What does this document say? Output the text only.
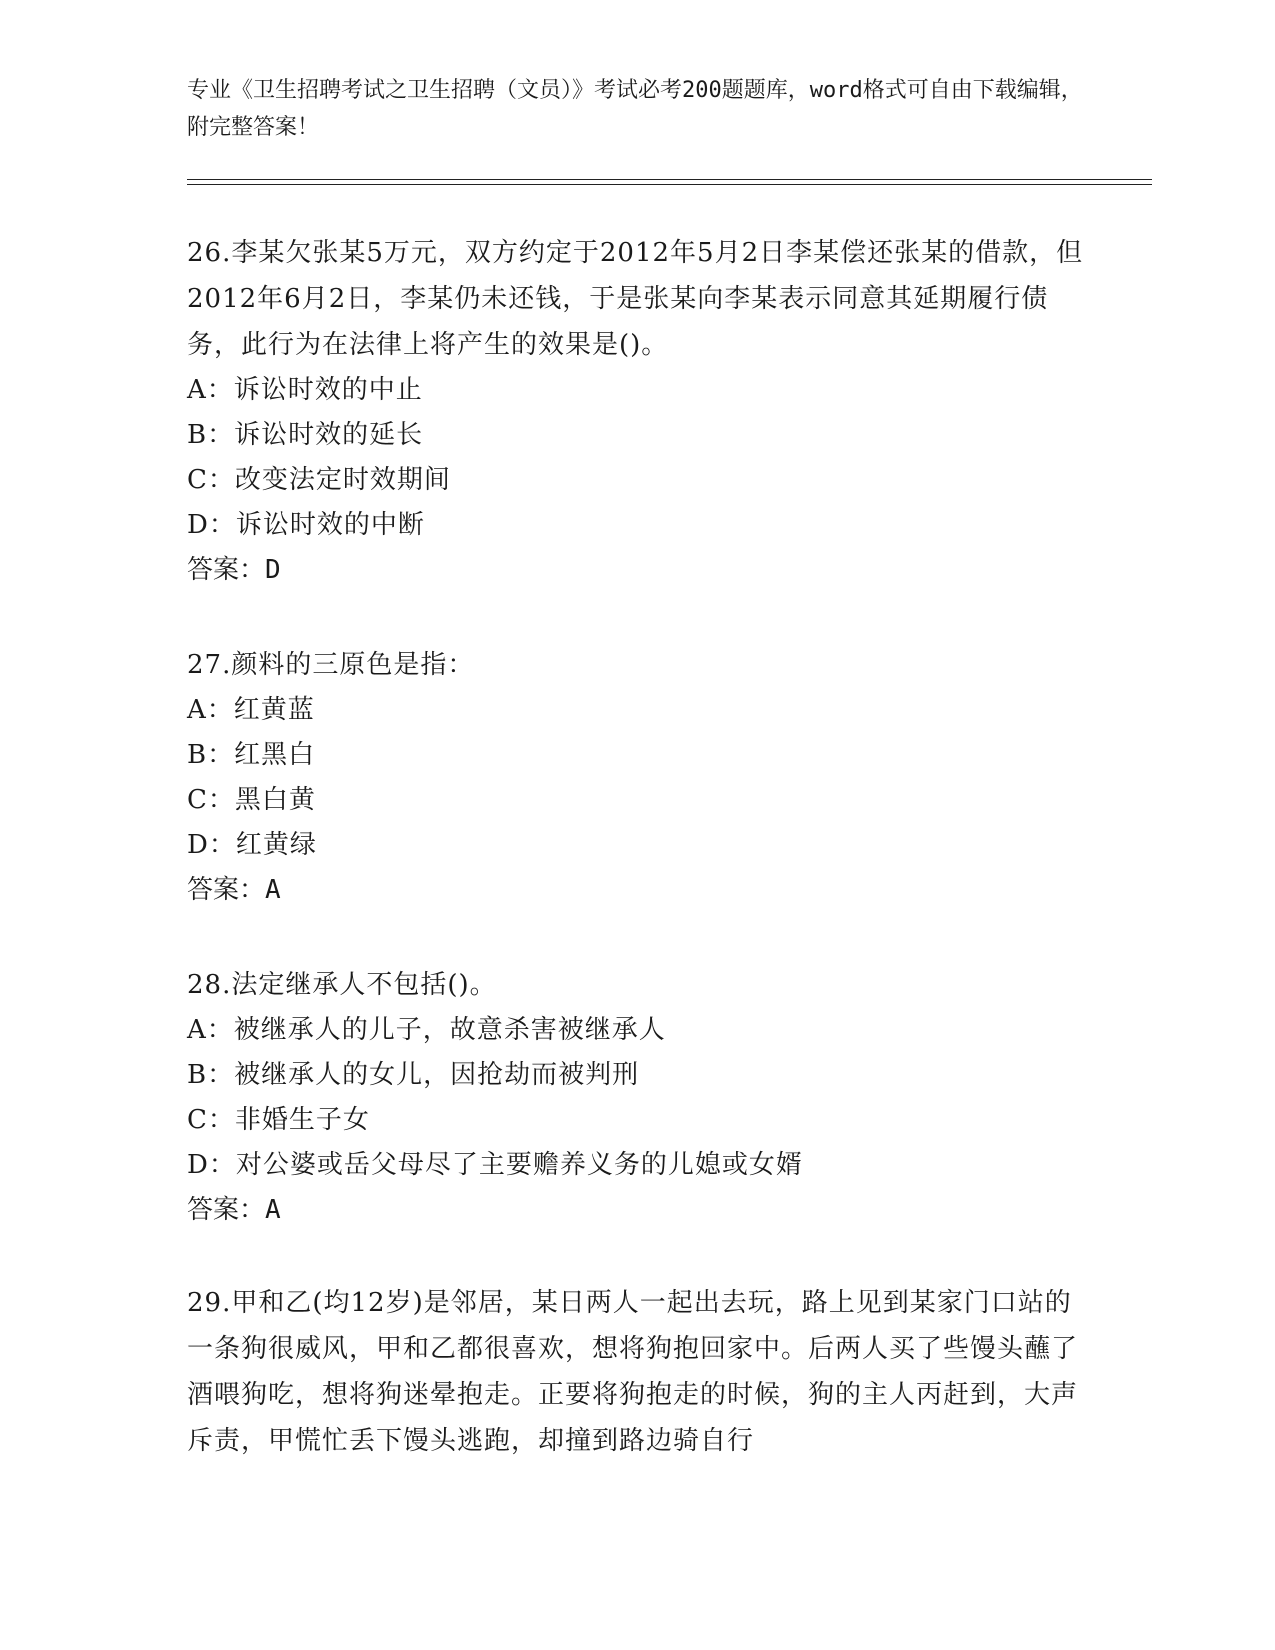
专业《卫生招聘考试之卫生招聘（文员）》考试必考200题题库，word格式可自由下载编辑，附完整答案！
26.李某欠张某5万元，双方约定于2012年5月2日李某偿还张某的借款，但2012年6月2日，李某仍未还钱，于是张某向李某表示同意其延期履行债务，此行为在法律上将产生的效果是()。
A：诉讼时效的中止
B：诉讼时效的延长
C：改变法定时效期间
D：诉讼时效的中断
答案：D
27.颜料的三原色是指：
A：红黄蓝
B：红黑白
C：黑白黄
D：红黄绿
答案：A
28.法定继承人不包括()。
A：被继承人的儿子，故意杀害被继承人
B：被继承人的女儿，因抢劫而被判刑
C：非婚生子女
D：对公婆或岳父母尽了主要赡养义务的儿媳或女婿
答案：A
29.甲和乙(均12岁)是邻居，某日两人一起出去玩，路上见到某家门口站的一条狗很威风，甲和乙都很喜欢，想将狗抱回家中。后两人买了些馒头蘸了酒喂狗吃，想将狗迷晕抱走。正要将狗抱走的时候，狗的主人丙赶到，大声斥责，甲慌忙丢下馒头逃跑，却撞到路边骑自行
